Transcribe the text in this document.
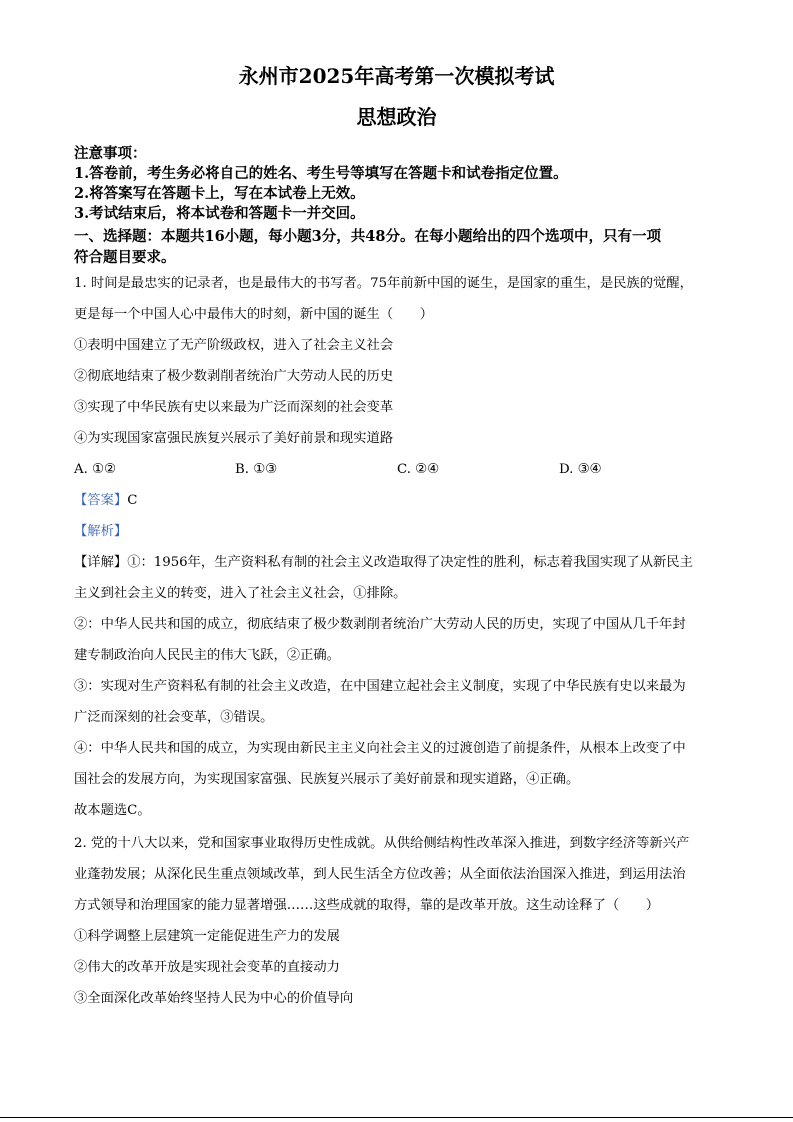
永州市2025年高考第一次模拟考试
思想政治
注意事项：
1.答卷前，考生务必将自己的姓名、考生号等填写在答题卡和试卷指定位置。
2.将答案写在答题卡上，写在本试卷上无效。
3.考试结束后，将本试卷和答题卡一并交回。
一、选择题：本题共16小题，每小题3分，共48分。在每小题给出的四个选项中，只有一项
符合题目要求。
1. 时间是最忠实的记录者，也是最伟大的书写者。75年前新中国的诞生，是国家的重生，是民族的觉醒，
更是每一个中国人心中最伟大的时刻，新中国的诞生（　　）
①表明中国建立了无产阶级政权，进入了社会主义社会
②彻底地结束了极少数剥削者统治广大劳动人民的历史
③实现了中华民族有史以来最为广泛而深刻的社会变革
④为实现国家富强民族复兴展示了美好前景和现实道路
A. ①②	B. ①③	C. ②④	D. ③④
【答案】C
【解析】
【详解】①：1956年，生产资料私有制的社会主义改造取得了决定性的胜利，标志着我国实现了从新民主
主义到社会主义的转变，进入了社会主义社会，①排除。
②：中华人民共和国的成立，彻底结束了极少数剥削者统治广大劳动人民的历史，实现了中国从几千年封
建专制政治向人民民主的伟大飞跃，②正确。
③：实现对生产资料私有制的社会主义改造，在中国建立起社会主义制度，实现了中华民族有史以来最为
广泛而深刻的社会变革，③错误。
④：中华人民共和国的成立，为实现由新民主主义向社会主义的过渡创造了前提条件，从根本上改变了中
国社会的发展方向，为实现国家富强、民族复兴展示了美好前景和现实道路，④正确。
故本题选C。
2. 党的十八大以来，党和国家事业取得历史性成就。从供给侧结构性改革深入推进，到数字经济等新兴产
业蓬勃发展；从深化民生重点领域改革，到人民生活全方位改善；从全面依法治国深入推进，到运用法治
方式领导和治理国家的能力显著增强……这些成就的取得，靠的是改革开放。这生动诠释了（　　）
①科学调整上层建筑一定能促进生产力的发展
②伟大的改革开放是实现社会变革的直接动力
③全面深化改革始终坚持人民为中心的价值导向
